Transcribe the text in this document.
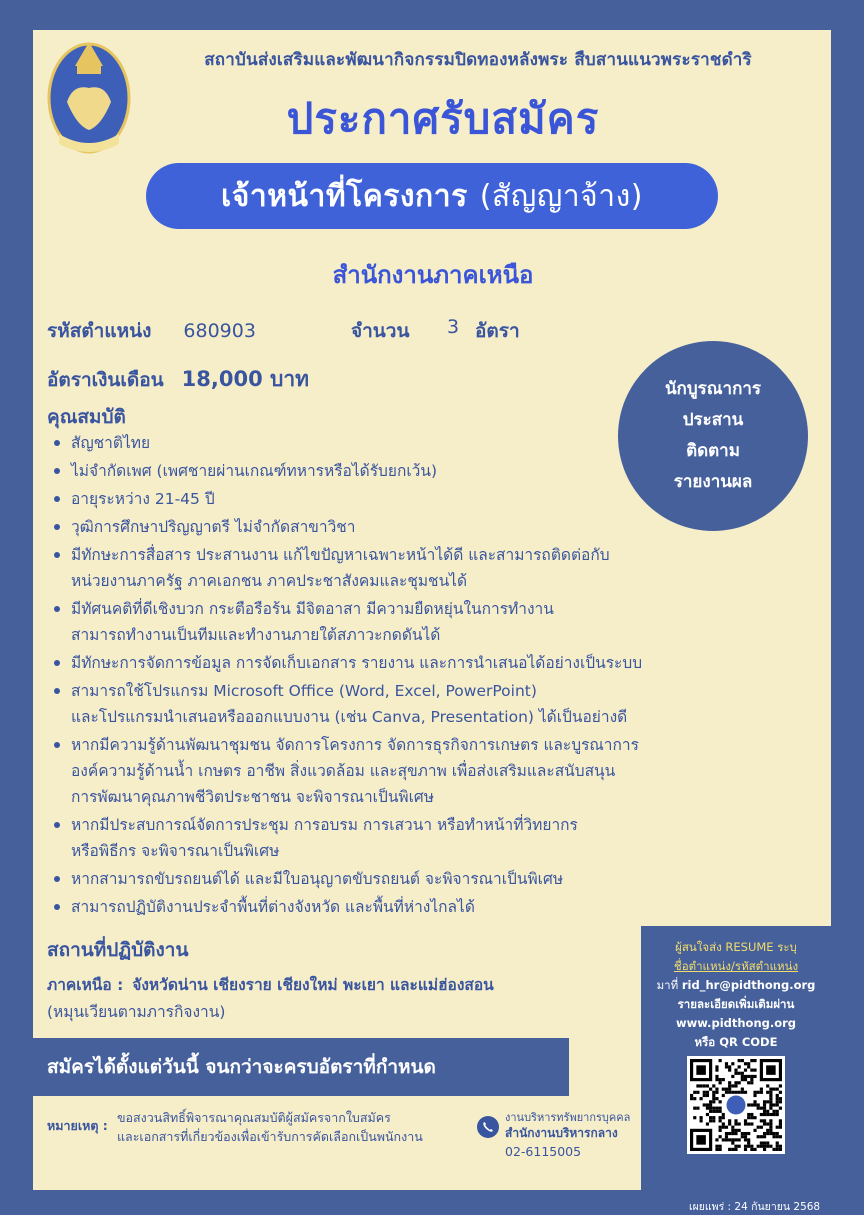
สถาบันส่งเสริมและพัฒนากิจกรรมปิดทองหลังพระ สืบสานแนวพระราชดำริ
ประกาศรับสมัคร
เจ้าหน้าที่โครงการ (สัญญาจ้าง)
สำนักงานภาคเหนือ
รหัสตำแหน่ง 680903	จำนวน 3 อัตรา
อัตราเงินเดือน 18,000 บาท	นักบูรณาการ
ประสาน
ติดตาม
รายงานผล
คุณสมบัติ
สัญชาติไทย
ไม่จำกัดเพศ (เพศชายผ่านเกณฑ์ทหารหรือได้รับยกเว้น)
อายุระหว่าง 21-45 ปี
วุฒิการศึกษาปริญญาตรี ไม่จำกัดสาขาวิชา
มีทักษะการสื่อสาร ประสานงาน แก้ไขปัญหาเฉพาะหน้าได้ดี และสามารถติดต่อกับ
หน่วยงานภาครัฐ ภาคเอกชน ภาคประชาสังคมและชุมชนได้
มีทัศนคติที่ดีเชิงบวก กระตือรือร้น มีจิตอาสา มีความยืดหยุ่นในการทำงาน
สามารถทำงานเป็นทีมและทำงานภายใต้สภาวะกดดันได้
มีทักษะการจัดการข้อมูล การจัดเก็บเอกสาร รายงาน และการนำเสนอได้อย่างเป็นระบบ
สามารถใช้โปรแกรม Microsoft Office (Word, Excel, PowerPoint)
และโปรแกรมนำเสนอหรือออกแบบงาน (เช่น Canva, Presentation) ได้เป็นอย่างดี
หากมีความรู้ด้านพัฒนาชุมชน จัดการโครงการ จัดการธุรกิจการเกษตร และบูรณาการ
องค์ความรู้ด้านน้ำ เกษตร อาชีพ สิ่งแวดล้อม และสุขภาพ เพื่อส่งเสริมและสนับสนุน
การพัฒนาคุณภาพชีวิตประชาชน จะพิจารณาเป็นพิเศษ
หากมีประสบการณ์จัดการประชุม การอบรม การเสวนา หรือทำหน้าที่วิทยากร
หรือพิธีกร จะพิจารณาเป็นพิเศษ
หากสามารถขับรถยนต์ได้ และมีใบอนุญาตขับรถยนต์ จะพิจารณาเป็นพิเศษ
สามารถปฏิบัติงานประจำพื้นที่ต่างจังหวัด และพื้นที่ห่างไกลได้
สถานที่ปฏิบัติงาน
ภาคเหนือ : จังหวัดน่าน เชียงราย เชียงใหม่ พะเยา และแม่ฮ่องสอน
(หมุนเวียนตามภารกิจงาน)
สมัครได้ตั้งแต่วันนี้ จนกว่าจะครบอัตราที่กำหนด
ผู้สนใจส่ง RESUME ระบุ
ชื่อตำแหน่ง/รหัสตำแหน่ง
มาที่ rid_hr@pidthong.org
รายละเอียดเพิ่มเติมผ่าน
www.pidthong.org
หรือ QR CODE
หมายเหตุ :
ขอสงวนสิทธิ์พิจารณาคุณสมบัติผู้สมัครจากใบสมัคร
และเอกสารที่เกี่ยวข้องเพื่อเข้ารับการคัดเลือกเป็นพนักงาน
งานบริหารทรัพยากรบุคคล
สำนักงานบริหารกลาง
02-6115005
เผยแพร่ : 24 กันยายน 2568
